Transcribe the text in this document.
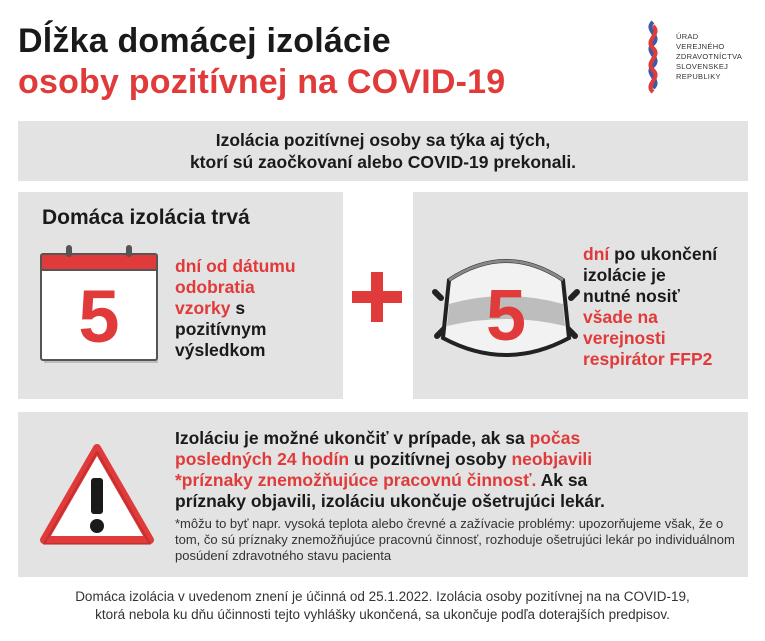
Dĺžka domácej izolácie
osoby pozitívnej na COVID-19
ÚRAD
VEREJNÉHO
ZDRAVOTNÍCTVA
SLOVENSKEJ
REPUBLIKY
Izolácia pozitívnej osoby sa týka aj tých,
ktorí sú zaočkovaní alebo COVID-19 prekonali.
Domáca izolácia trvá
5
dní od dátumu
odobratia
vzorky s
pozitívnym
výsledkom	5
dní po ukončení
izolácie je
nutné nosiť
všade na
verejnosti
respirátor FFP2
Izoláciu je možné ukončiť v prípade, ak sa počas
posledných 24 hodín u pozitívnej osoby neobjavili
*príznaky znemožňujúce pracovnú činnosť. Ak sa
príznaky objavili, izoláciu ukončuje ošetrujúci lekár.
*môžu to byť napr. vysoká teplota alebo črevné a zažívacie problémy: upozorňujeme však, že o tom, čo sú príznaky znemožňujúce pracovnú činnosť, rozhoduje ošetrujúci lekár po individuálnom posúdení zdravotného stavu pacienta
Domáca izolácia v uvedenom znení je účinná od 25.1.2022. Izolácia osoby pozitívnej na na COVID-19,
ktorá nebola ku dňu účinnosti tejto vyhlášky ukončená, sa ukončuje podľa doterajších predpisov.
